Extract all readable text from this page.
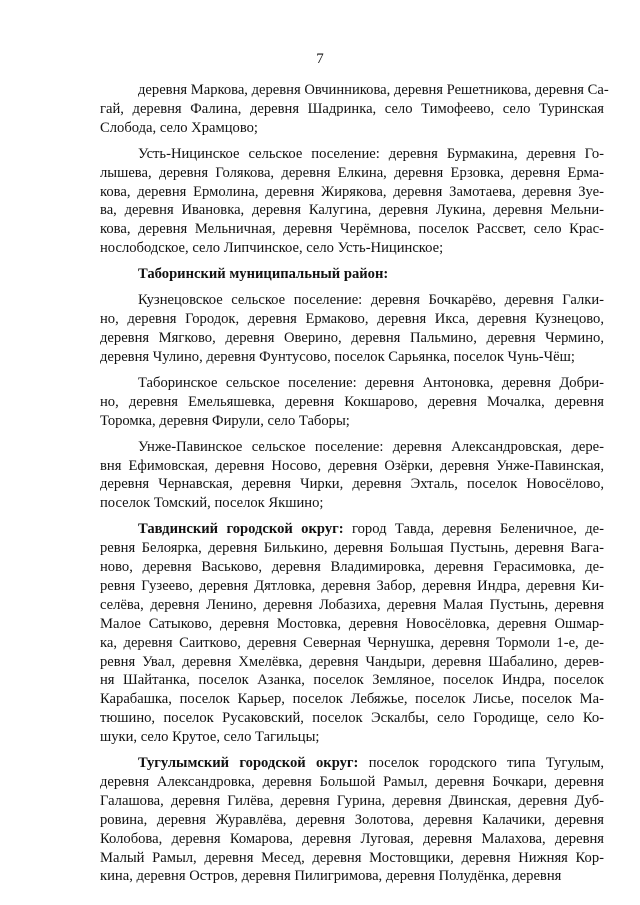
7
деревня Маркова, деревня Овчинникова, деревня Решетникова, деревня Са-
гай, деревня Фалина, деревня Шадринка, село Тимофеево, село Туринская
Слобода, село Храмцово;
Усть-Ницинское сельское поселение: деревня Бурмакина, деревня Го-
лышева, деревня Голякова, деревня Елкина, деревня Ерзовка, деревня Ерма-
кова, деревня Ермолина, деревня Жирякова, деревня Замотаева, деревня Зуе-
ва, деревня Ивановка, деревня Калугина, деревня Лукина, деревня Мельни-
кова, деревня Мельничная, деревня Черёмнова, поселок Рассвет, село Крас-
нослободское, село Липчинское, село Усть-Ницинское;
Таборинский муниципальный район:
Кузнецовское сельское поселение: деревня Бочкарёво, деревня Галки-
но, деревня Городок, деревня Ермаково, деревня Икса, деревня Кузнецово,
деревня Мягково, деревня Оверино, деревня Пальмино, деревня Чермино,
деревня Чулино, деревня Фунтусово, поселок Сарьянка, поселок Чунь-Чёш;
Таборинское сельское поселение: деревня Антоновка, деревня Добри-
но, деревня Емельяшевка, деревня Кокшарово, деревня Мочалка, деревня
Торомка, деревня Фирули, село Таборы;
Унже-Павинское сельское поселение: деревня Александровская, дере-
вня Ефимовская, деревня Носово, деревня Озёрки, деревня Унже-Павинская,
деревня Чернавская, деревня Чирки, деревня Эхталь, поселок Новосёлово,
поселок Томский, поселок Якшино;
Тавдинский городской округ: город Тавда, деревня Беленичное, де-
ревня Белоярка, деревня Билькино, деревня Большая Пустынь, деревня Вага-
ново, деревня Васьково, деревня Владимировка, деревня Герасимовка, де-
ревня Гузеево, деревня Дятловка, деревня Забор, деревня Индра, деревня Ки-
селёва, деревня Ленино, деревня Лобазиха, деревня Малая Пустынь, деревня
Малое Сатыково, деревня Мостовка, деревня Новосёловка, деревня Ошмар-
ка, деревня Саитково, деревня Северная Чернушка, деревня Тормоли 1-е, де-
ревня Увал, деревня Хмелёвка, деревня Чандыри, деревня Шабалино, дерев-
ня Шайтанка, поселок Азанка, поселок Земляное, поселок Индра, поселок
Карабашка, поселок Карьер, поселок Лебяжье, поселок Лисье, поселок Ма-
тюшино, поселок Русаковский, поселок Эскалбы, село Городище, село Ко-
шуки, село Крутое, село Тагильцы;
Тугулымский городской округ: поселок городского типа Тугулым,
деревня Александровка, деревня Большой Рамыл, деревня Бочкари, деревня
Галашова, деревня Гилёва, деревня Гурина, деревня Двинская, деревня Дуб-
ровина, деревня Журавлёва, деревня Золотова, деревня Калачики, деревня
Колобова, деревня Комарова, деревня Луговая, деревня Малахова, деревня
Малый Рамыл, деревня Месед, деревня Мостовщики, деревня Нижняя Кор-
кина, деревня Остров, деревня Пилигримова, деревня Полудёнка, деревня
